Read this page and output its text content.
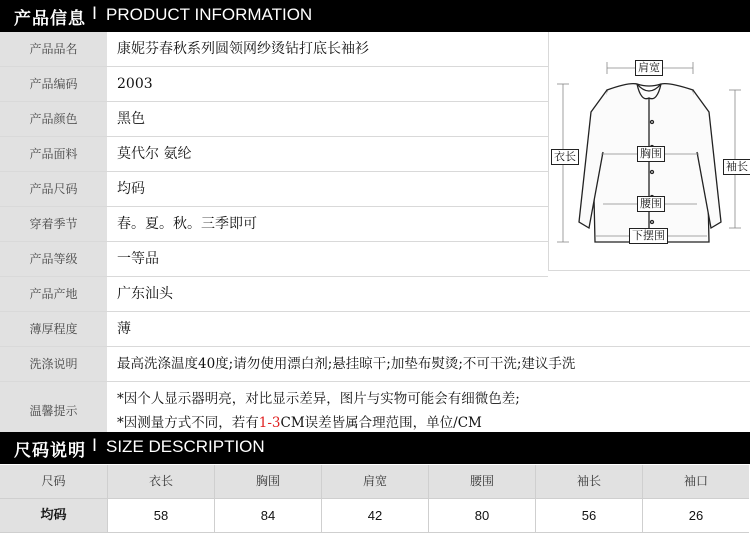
产品信息 I PRODUCT INFORMATION
产品品名	康妮芬春秋系列圆领网纱烫钻打底长袖衫
产品编码	2003
产品颜色	黑色
产品面料	莫代尔 氨纶
产品尺码	均码
穿着季节	春。夏。秋。三季即可
产品等级	一等品
产品产地	广东汕头
薄厚程度	薄
洗涤说明	最高洗涤温度40度;请勿使用漂白剂;悬挂晾干;加垫布熨烫;不可干洗;建议手洗
温馨提示
*因个人显示器明亮，对比显示差异，图片与实物可能会有细微色差;
*因测量方式不同，若有1-3CM误差皆属合理范围，单位/CM
肩宽
衣长
袖长
胸围
腰围
下摆围
尺码说明 I SIZE DESCRIPTION
尺码	衣长	胸围	肩宽	腰围	袖长	袖口
均码	58	84	42	80	56	26
